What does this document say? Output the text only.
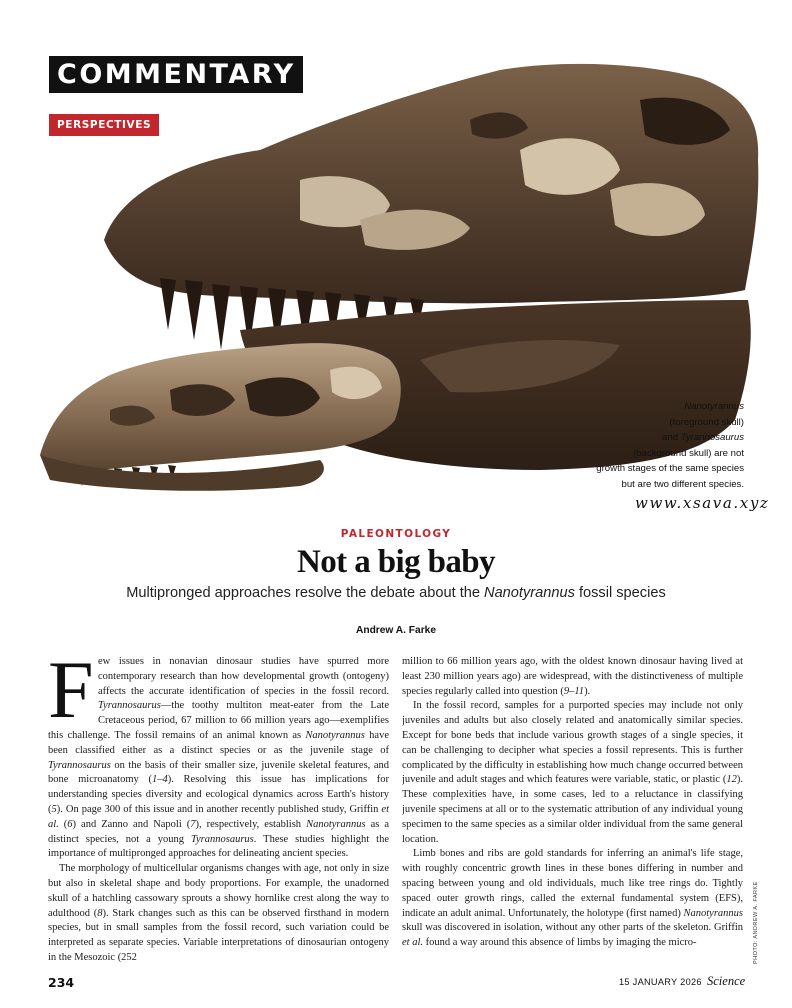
COMMENTARY
PERSPECTIVES

Nanotyrannus

(foreground skull)

and Tyrannosaurus

(background skull) are not

growth stages of the same species

but are two different species.

www.xsava.xyz
PALEONTOLOGY
Not a big baby
Multipronged approaches resolve the debate about the Nanotyrannus fossil species
Andrew A. Farke

Few issues in nonavian dinosaur studies have spurred more contemporary research than how developmental growth (ontogeny) affects the accurate identification of species in the fossil record. Tyrannosaurus—the toothy multiton meat-eater from the Late Cretaceous period, 67 million to 66 million years ago—exemplifies this challenge. The fossil remains of an animal known as Nanotyrannus have been classified either as a distinct species or as the juvenile stage of Tyrannosaurus on the basis of their smaller size, juvenile skeletal features, and bone microanatomy (1–4). Resolving this issue has implications for understanding species diversity and ecological dynamics across Earth's history (5). On page 300 of this issue and in another recently published study, Griffin et al. (6) and Zanno and Napoli (7), respectively, establish Nanotyrannus as a distinct species, not a young Tyrannosaurus. These studies highlight the importance of multipronged approaches for delineating ancient species.

The morphology of multicellular organisms changes with age, not only in size but also in skeletal shape and body proportions. For example, the unadorned skull of a hatchling cassowary sprouts a showy hornlike crest along the way to adulthood (8). Stark changes such as this can be observed firsthand in modern species, but in small samples from the fossil record, such variation could be interpreted as separate species. Variable interpretations of dinosaurian ontogeny in the Mesozoic (252

million to 66 million years ago, with the oldest known dinosaur having lived at least 230 million years ago) are widespread, with the distinctiveness of multiple species regularly called into question (9–11).

In the fossil record, samples for a purported species may include not only juveniles and adults but also closely related and anatomically similar species. Except for bone beds that include various growth stages of a single species, it can be challenging to decipher what species a fossil represents. This is further complicated by the difficulty in establishing how much change occurred between juvenile and adult stages and which features were variable, static, or plastic (12). These complexities have, in some cases, led to a reluctance in classifying juvenile specimens at all or to the systematic attribution of any individual young specimen to the same species as a similar older individual from the same general location.

Limb bones and ribs are gold standards for inferring an animal's life stage, with roughly concentric growth lines in these bones differing in number and spacing between young and old individuals, much like tree rings do. Tightly spaced outer growth rings, called the external fundamental system (EFS), indicate an adult animal. Unfortunately, the holotype (first named) Nanotyrannus skull was discovered in isolation, without any other parts of the skeleton. Griffin et al. found a way around this absence of limbs by imaging the micro-	PHOTO: ANDREW A. FARKE
234	15 JANUARY 2026 Science
